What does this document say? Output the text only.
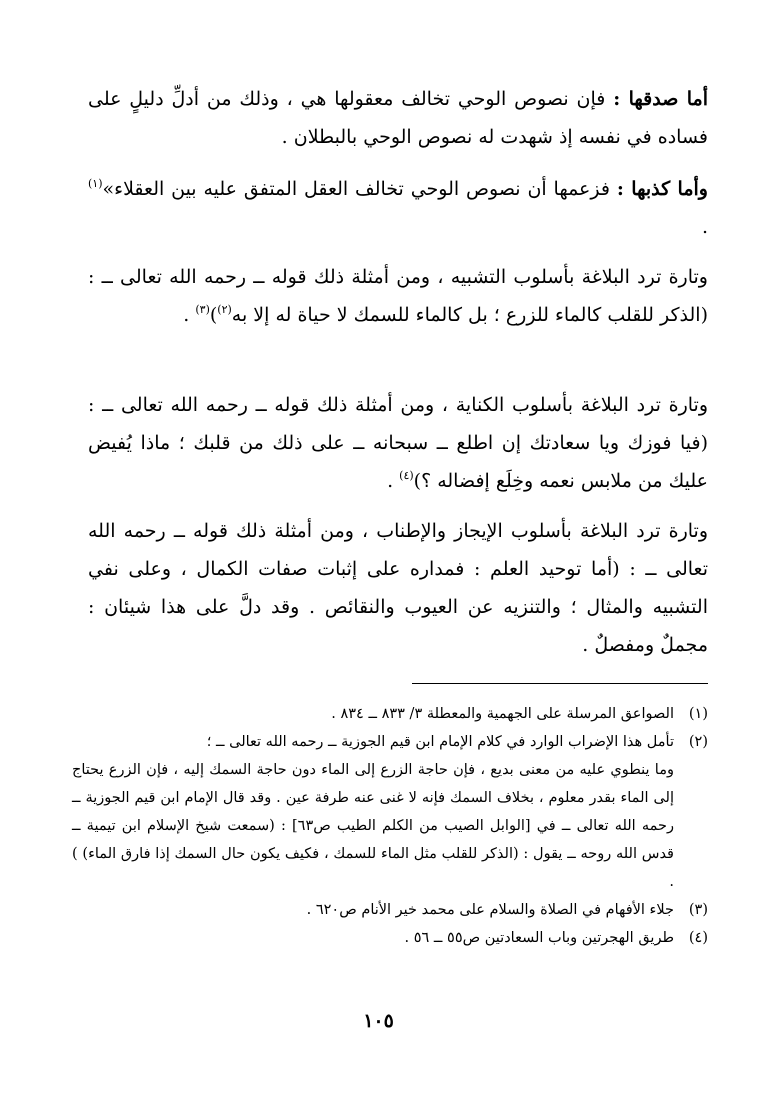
أما صدقها : فإن نصوص الوحي تخالف معقولها هي ، وذلك من أدلِّ دليلٍ على فساده في نفسه إذ شهدت له نصوص الوحي بالبطلان .

وأما كذبها : فزعمها أن نصوص الوحي تخالف العقل المتفق عليه بين العقلاء»$^{(١)}$ .

وتارة ترد البلاغة بأسلوب التشبيه ، ومن أمثلة ذلك قوله ــ رحمه الله تعالى ــ : (الذكر للقلب كالماء للزرع ؛ بل كالماء للسمك لا حياة له إلا به$^{(٢)}$)$^{(٣)}$ .

وتارة ترد البلاغة بأسلوب الكناية ، ومن أمثلة ذلك قوله ــ رحمه الله تعالى ــ : (فيا فوزك ويا سعادتك إن اطلع ــ سبحانه ــ على ذلك من قلبك ؛ ماذا يُفيض عليك من ملابس نعمه وخِلَع إفضاله ؟)$^{(٤)}$ .

وتارة ترد البلاغة بأسلوب الإيجاز والإطناب ، ومن أمثلة ذلك قوله ــ رحمه الله تعالى ــ : (أما توحيد العلم : فمداره على إثبات صفات الكمال ، وعلى نفي التشبيه والمثال ؛ والتنزيه عن العيوب والنقائص . وقد دلَّ على هذا شيئان : مجملٌ ومفصلٌ .

(١)
الصواعق المرسلة على الجهمية والمعطلة ٣/ ٨٣٣ ــ ٨٣٤ .

(٢)
تأمل هذا الإضراب الوارد في كلام الإمام ابن قيم الجوزية ــ رحمه الله تعالى ــ ؛
وما ينطوي عليه من معنى بديع ، فإن حاجة الزرع إلى الماء دون حاجة السمك إليه ، فإن الزرع يحتاج إلى الماء بقدر معلوم ، بخلاف السمك فإنه لا غنى عنه طرفة عين . وقد قال الإمام ابن قيم الجوزية ــ رحمه الله تعالى ــ في [الوابل الصيب من الكلم الطيب ص٦٣] : (سمعت شيخ الإسلام ابن تيمية ــ قدس الله روحه ــ يقول : (الذكر للقلب مثل الماء للسمك ، فكيف يكون حال السمك إذا فارق الماء) ) .

(٣)
جلاء الأفهام في الصلاة والسلام على محمد خير الأنام ص٦٢٠ .

(٤)
طريق الهجرتين وباب السعادتين ص٥٥ ــ ٥٦ .

١٠٥
